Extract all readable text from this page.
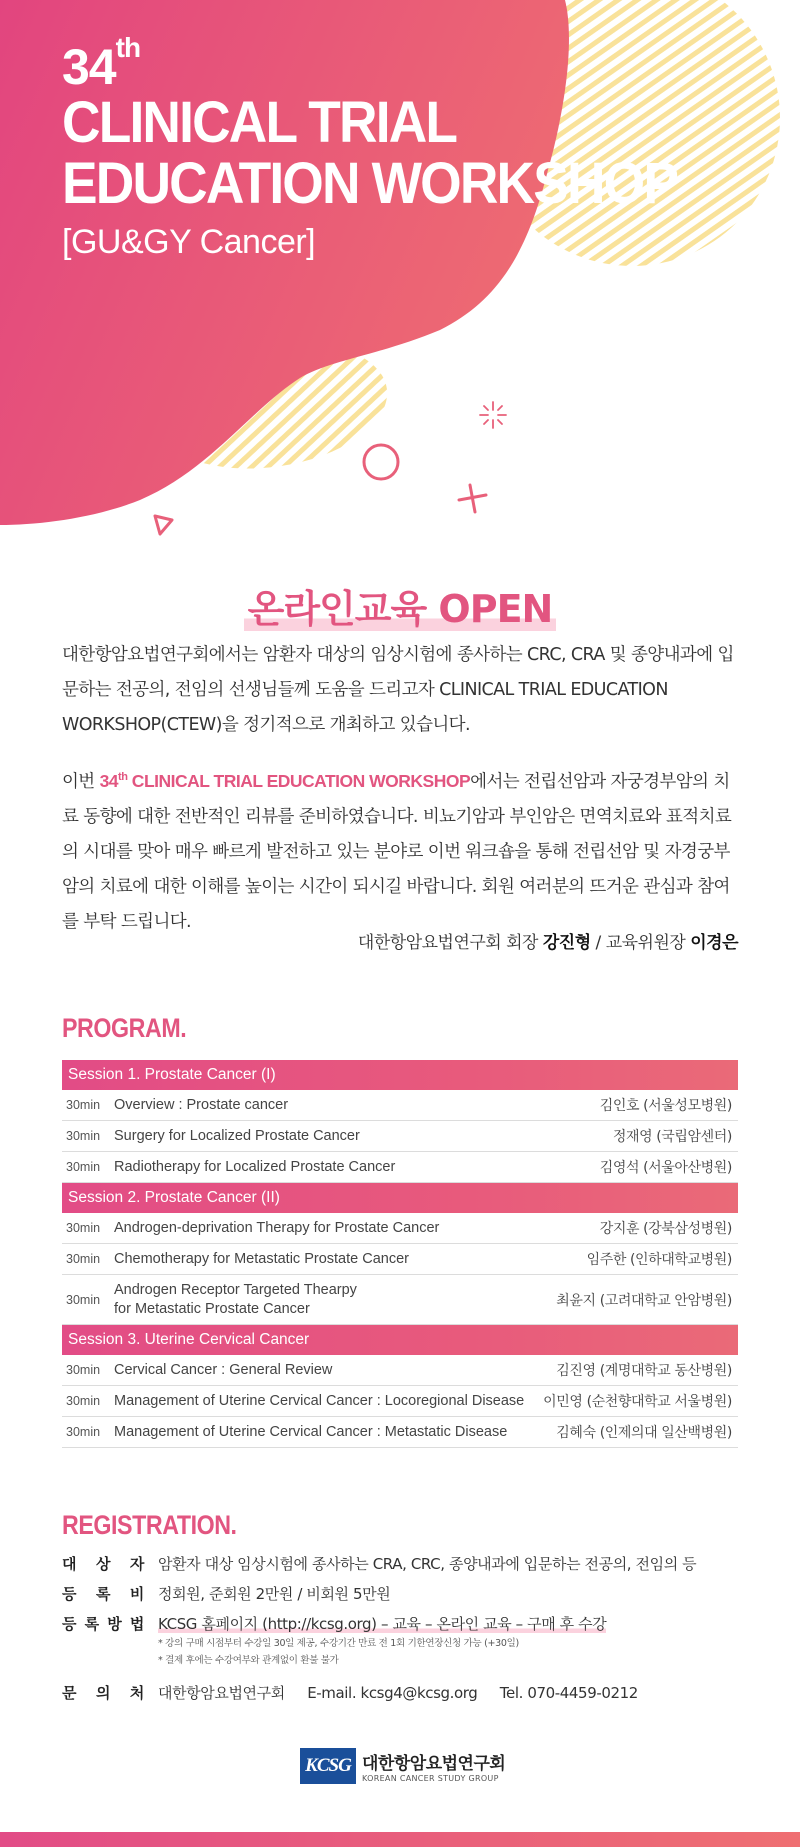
34th
CLINICAL TRIAL
EDUCATION WORKSHOP
[GU&GY Cancer]
온라인교육 OPEN

대한항암요법연구회에서는 암환자 대상의 임상시험에 종사하는 CRC, CRA 및 종양내과에 입문하는 전공의, 전임의 선생님들께 도움을 드리고자 CLINICAL TRIAL EDUCATION WORKSHOP(CTEW)을 정기적으로 개최하고 있습니다.

이번 34th CLINICAL TRIAL EDUCATION WORKSHOP에서는 전립선암과 자궁경부암의 치료 동향에 대한 전반적인 리뷰를 준비하였습니다. 비뇨기암과 부인암은 면역치료와 표적치료의 시대를 맞아 매우 빠르게 발전하고 있는 분야로 이번 워크숍을 통해 전립선암 및 자경궁부암의 치료에 대한 이해를 높이는 시간이 되시길 바랍니다. 회원 여러분의 뜨거운 관심과 참여를 부탁 드립니다.

대한항암요법연구회 회장 강진형 / 교육위원장 이경은
PROGRAM.
Session 1. Prostate Cancer (I)
30min Overview : Prostate cancer	김인호 (서울성모병원)
30min Surgery for Localized Prostate Cancer	정재영 (국립암센터)
30min Radiotherapy for Localized Prostate Cancer	김영석 (서울아산병원)
Session 2. Prostate Cancer (II)
30min Androgen-deprivation Therapy for Prostate Cancer	강지훈 (강북삼성병원)
30min Chemotherapy for Metastatic Prostate Cancer	임주한 (인하대학교병원)
30min
Androgen Receptor Targeted Thearpy
for Metastatic Prostate Cancer	최윤지 (고려대학교 안암병원)
Session 3. Uterine Cervical Cancer
30min Cervical Cancer : General Review	김진영 (계명대학교 동산병원)
30min Management of Uterine Cervical Cancer : Locoregional Disease	이민영 (순천향대학교 서울병원)
30min Management of Uterine Cervical Cancer : Metastatic Disease	김혜숙 (인제의대 일산백병원)
REGISTRATION.
대 상 자 암환자 대상 임상시험에 종사하는 CRA, CRC, 종양내과에 입문하는 전공의, 전임의 등
등 록 비 정회원, 준회원 2만원 / 비회원 5만원
등 록 방 법 KCSG 홈페이지 (http://kcsg.org) – 교육 – 온라인 교육 – 구매 후 수강
* 강의 구매 시점부터 수강일 30일 제공, 수강기간 만료 전 1회 기한연장신청 가능 (+30일)
* 결제 후에는 수강여부와 관계없이 환불 불가
문 의 처 대한항암요법연구회 E-mail. kcsg4@kcsg.org Tel. 070-4459-0212
KCSG 대한항암요법연구회
KOREAN CANCER STUDY GROUP
